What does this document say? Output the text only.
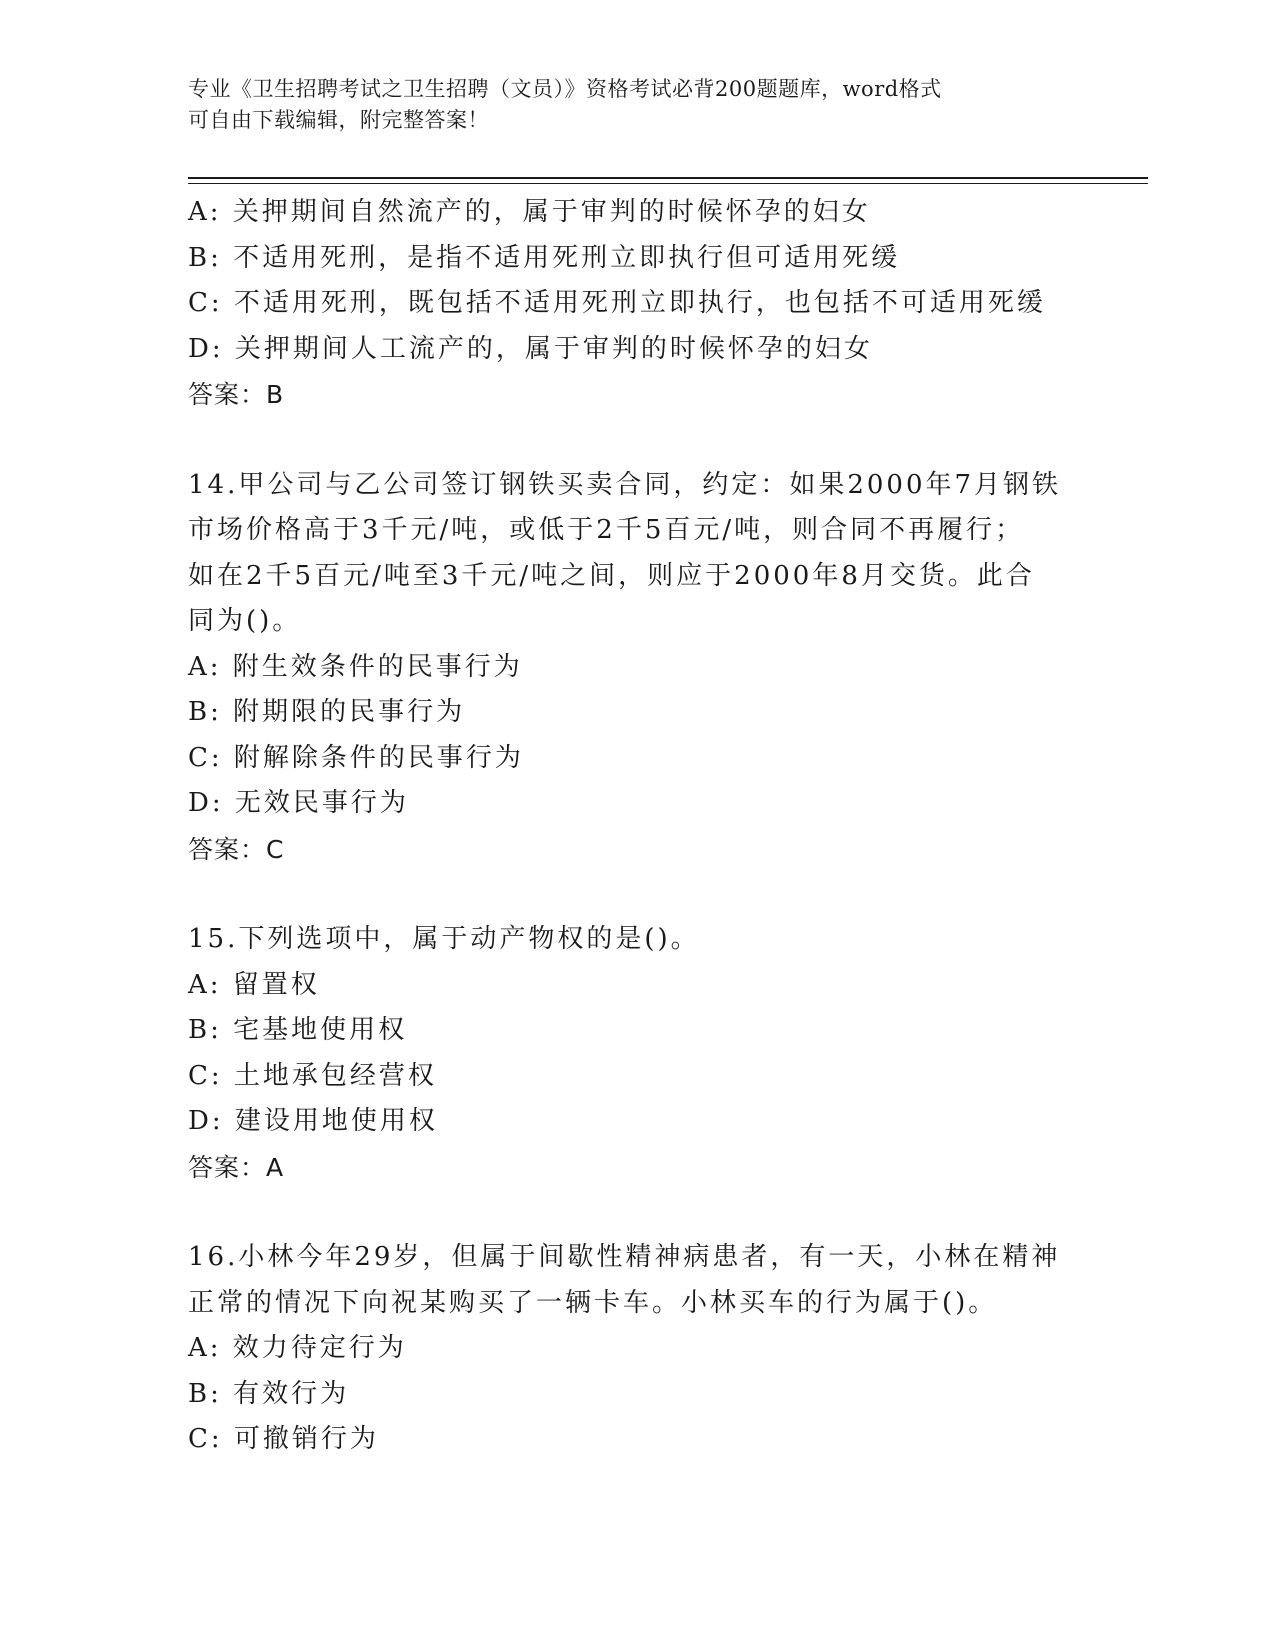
专业《卫生招聘考试之卫生招聘（文员）》资格考试必背200题题库，word格式
可自由下载编辑，附完整答案！
A: 关押期间自然流产的，属于审判的时候怀孕的妇女
B: 不适用死刑，是指不适用死刑立即执行但可适用死缓
C: 不适用死刑，既包括不适用死刑立即执行，也包括不可适用死缓
D: 关押期间人工流产的，属于审判的时候怀孕的妇女
答案：B
14.甲公司与乙公司签订钢铁买卖合同，约定：如果2000年7月钢铁
市场价格高于3千元/吨，或低于2千5百元/吨，则合同不再履行；
如在2千5百元/吨至3千元/吨之间，则应于2000年8月交货。此合
同为()。
A: 附生效条件的民事行为
B: 附期限的民事行为
C: 附解除条件的民事行为
D: 无效民事行为
答案：C
15.下列选项中，属于动产物权的是()。
A: 留置权
B: 宅基地使用权
C: 土地承包经营权
D: 建设用地使用权
答案：A
16.小林今年29岁，但属于间歇性精神病患者，有一天，小林在精神
正常的情况下向祝某购买了一辆卡车。小林买车的行为属于()。
A: 效力待定行为
B: 有效行为
C: 可撤销行为
